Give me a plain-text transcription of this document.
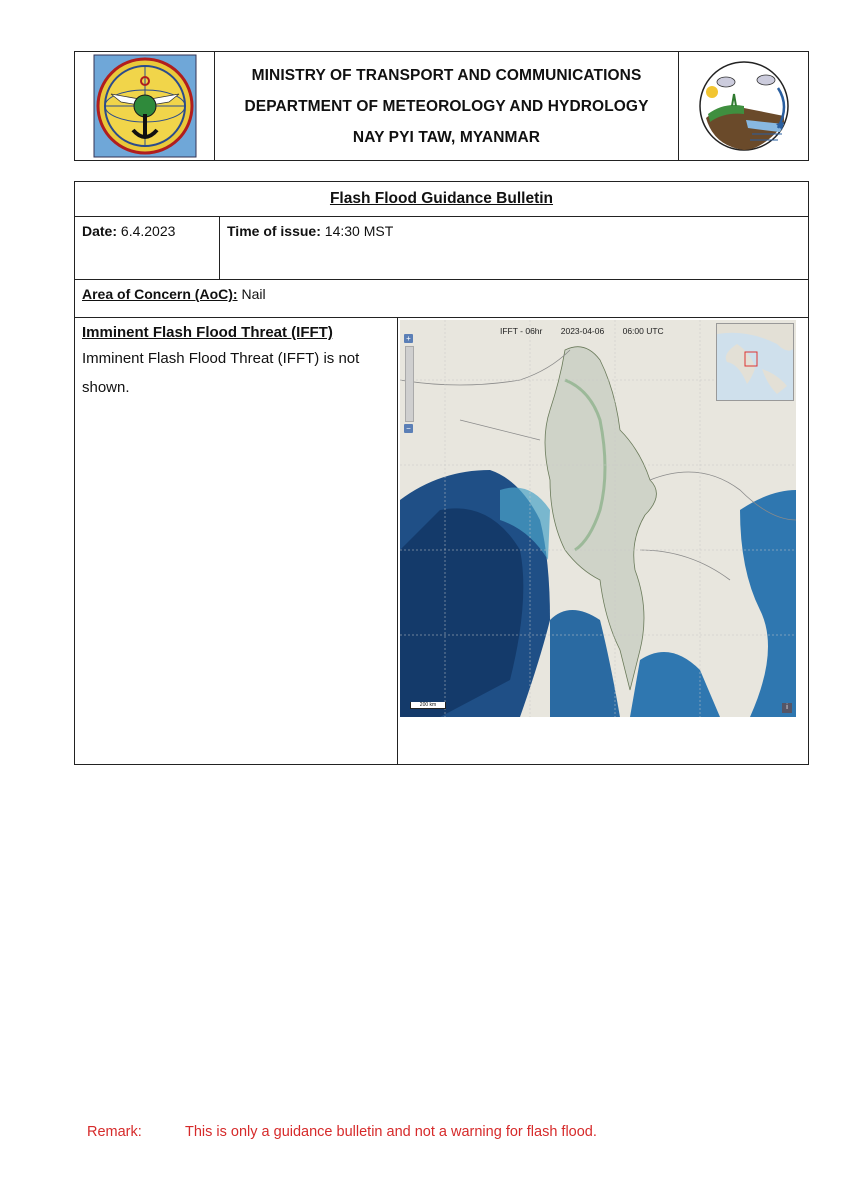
MINISTRY OF TRANSPORT AND COMMUNICATIONS
DEPARTMENT OF METEOROLOGY AND HYDROLOGY
NAY PYI TAW, MYANMAR
Flash Flood Guidance Bulletin
Date: 6.4.2023	Time of issue: 14:30 MST
Area of Concern (AoC): Nail
Imminent Flash Flood Threat (IFFT)
Imminent Flash Flood Threat (IFFT) is not shown.
IFFT - 06hr 2023-04-06 06:00 UTC
+
−
200 km	i
Remark:	This is only a guidance bulletin and not a warning for flash flood.
